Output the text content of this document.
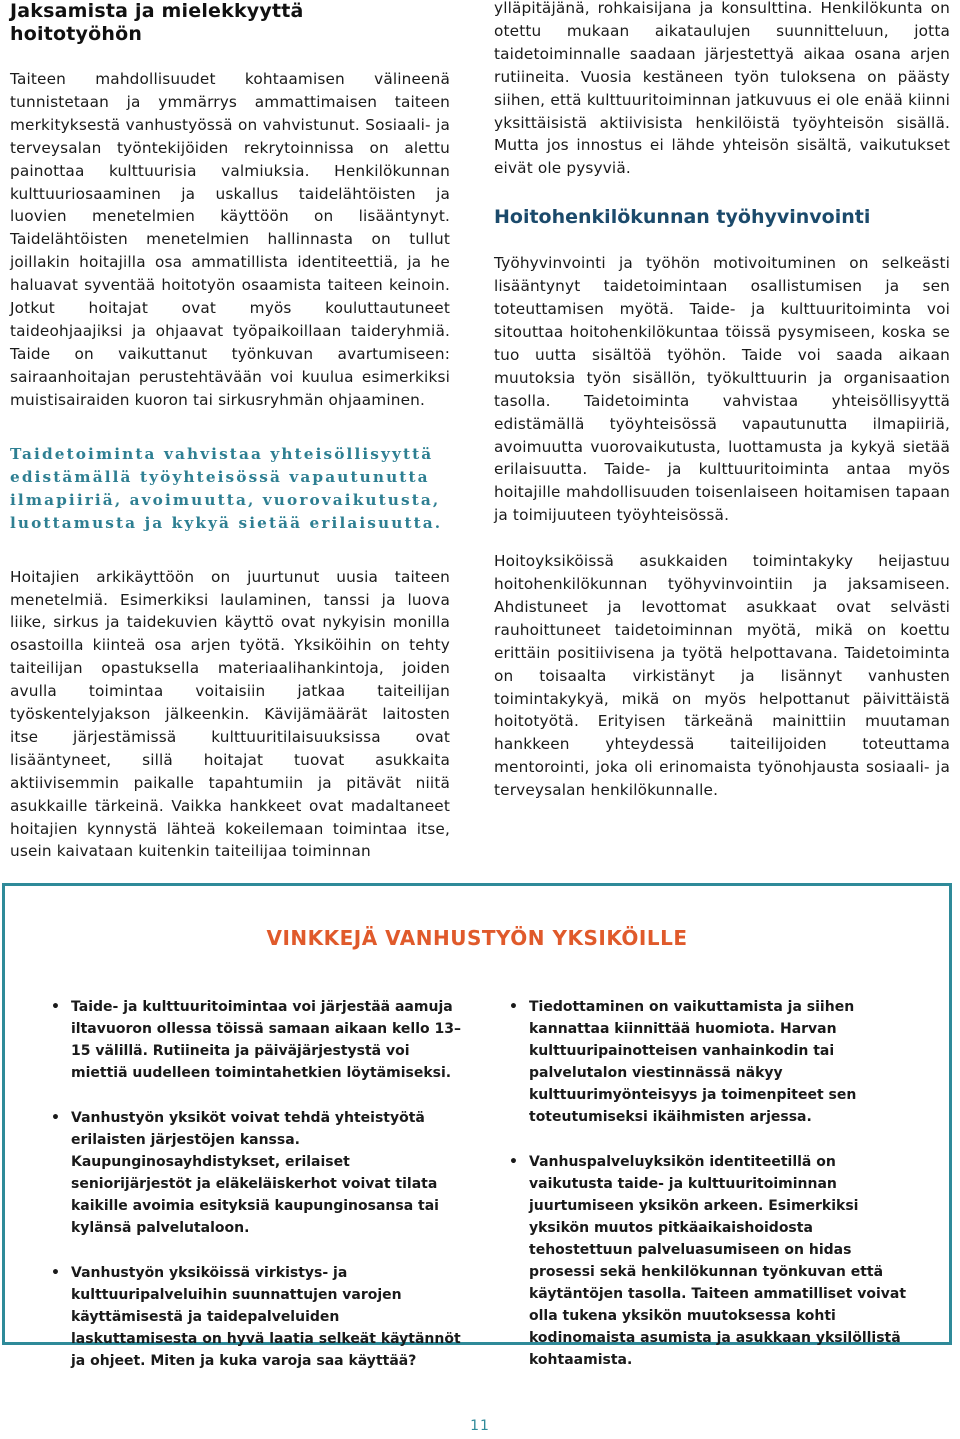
Jaksamista ja mielekkyyttä hoitotyöhön

Taiteen mahdollisuudet kohtaamisen välineenä tunnistetaan ja ymmärrys ammattimaisen taiteen merkityksestä vanhustyössä on vahvistunut. Sosiaali- ja terveysalan työntekijöiden rekrytoinnissa on alettu painottaa kulttuurisia valmiuksia. Henkilökunnan kulttuuriosaaminen ja uskallus taidelähtöisten ja luovien menetelmien käyttöön on lisääntynyt. Taidelähtöisten menetelmien hallinnasta on tullut joillakin hoitajilla osa ammatillista identiteettiä, ja he haluavat syventää hoitotyön osaamista taiteen keinoin. Jotkut hoitajat ovat myös kouluttautuneet taideohjaajiksi ja ohjaavat työpaikoillaan taideryhmiä. Taide on vaikuttanut työnkuvan avartumiseen: sairaanhoitajan perustehtävään voi kuulua esimerkiksi muistisairaiden kuoron tai sirkusryhmän ohjaaminen.

Taidetoiminta vahvistaa yhteisöllisyyttä edistämällä työyhteisössä vapautunutta ilmapiiriä, avoimuutta, vuorovaikutusta, luottamusta ja kykyä sietää erilaisuutta.

Hoitajien arkikäyttöön on juurtunut uusia taiteen menetelmiä. Esimerkiksi laulaminen, tanssi ja luova liike, sirkus ja taidekuvien käyttö ovat nykyisin monilla osastoilla kiinteä osa arjen työtä. Yksiköihin on tehty taiteilijan opastuksella materiaalihankintoja, joiden avulla toimintaa voitaisiin jatkaa taiteilijan työskentelyjakson jälkeenkin. Kävijämäärät laitosten itse järjestämissä kulttuuritilaisuuksissa ovat lisääntyneet, sillä hoitajat tuovat asukkaita aktiivisemmin paikalle tapahtumiin ja pitävät niitä asukkaille tärkeinä. Vaikka hankkeet ovat madaltaneet hoitajien kynnystä lähteä kokeilemaan toimintaa itse, usein kaivataan kuitenkin taiteilijaa toiminnan

ylläpitäjänä, rohkaisijana ja konsulttina. Henkilökunta on otettu mukaan aikataulujen suunnitteluun, jotta taidetoiminnalle saadaan järjestettyä aikaa osana arjen rutiineita. Vuosia kestäneen työn tuloksena on päästy siihen, että kulttuuritoiminnan jatkuvuus ei ole enää kiinni yksittäisistä aktiivisista henkilöistä työyhteisön sisällä. Mutta jos innostus ei lähde yhteisön sisältä, vaikutukset eivät ole pysyviä.

Hoitohenkilökunnan työhyvinvointi

Työhyvinvointi ja työhön motivoituminen on selkeästi lisääntynyt taidetoimintaan osallistumisen ja sen toteuttamisen myötä. Taide- ja kulttuuritoiminta voi sitouttaa hoitohenkilökuntaa töissä pysymiseen, koska se tuo uutta sisältöä työhön. Taide voi saada aikaan muutoksia työn sisällön, työkulttuurin ja organisaation tasolla. Taidetoiminta vahvistaa yhteisöllisyyttä edistämällä työyhteisössä vapautunutta ilmapiiriä, avoimuutta vuorovaikutusta, luottamusta ja kykyä sietää erilaisuutta. Taide- ja kulttuuritoiminta antaa myös hoitajille mahdollisuuden toisenlaiseen hoitamisen tapaan ja toimijuuteen työyhteisössä.

Hoitoyksiköissä asukkaiden toimintakyky heijastuu hoitohenkilökunnan työhyvinvointiin ja jaksamiseen. Ahdistuneet ja levottomat asukkaat ovat selvästi rauhoittuneet taidetoiminnan myötä, mikä on koettu erittäin positiivisena ja työtä helpottavana. Taidetoiminta on toisaalta virkistänyt ja lisännyt vanhusten toimintakykyä, mikä on myös helpottanut päivittäistä hoitotyötä. Erityisen tärkeänä mainittiin muutaman hankkeen yhteydessä taiteilijoiden toteuttama mentorointi, joka oli erinomaista työnohjausta sosiaali- ja terveysalan henkilökunnalle.

VINKKEJÄ VANHUSTYÖN YKSIKÖILLE
• Taide- ja kulttuuritoimintaa voi järjestää aamuja iltavuoron ollessa töissä samaan aikaan kello 13–15 välillä. Rutiineita ja päiväjärjestystä voi miettiä uudelleen toimintahetkien löytämiseksi.
• Vanhustyön yksiköt voivat tehdä yhteistyötä erilaisten järjestöjen kanssa. Kaupunginosayhdistykset, erilaiset seniorijärjestöt ja eläkeläiskerhot voivat tilata kaikille avoimia esityksiä kaupunginosansa tai kylänsä palvelutaloon.
• Vanhustyön yksiköissä virkistys- ja kulttuuripalveluihin suunnattujen varojen käyttämisestä ja taidepalveluiden laskuttamisesta on hyvä laatia selkeät käytännöt ja ohjeet. Miten ja kuka varoja saa käyttää?
• Tiedottaminen on vaikuttamista ja siihen kannattaa kiinnittää huomiota. Harvan kulttuuripainotteisen vanhainkodin tai palvelutalon viestinnässä näkyy kulttuurimyönteisyys ja toimenpiteet sen toteutumiseksi ikäihmisten arjessa.
• Vanhuspalveluyksikön identiteetillä on vaikutusta taide- ja kulttuuritoiminnan juurtumiseen yksikön arkeen. Esimerkiksi yksikön muutos pitkäaikaishoidosta tehostettuun palveluasumiseen on hidas prosessi sekä henkilökunnan työnkuvan että käytäntöjen tasolla. Taiteen ammatilliset voivat olla tukena yksikön muutoksessa kohti kodinomaista asumista ja asukkaan yksilöllistä kohtaamista.
11
